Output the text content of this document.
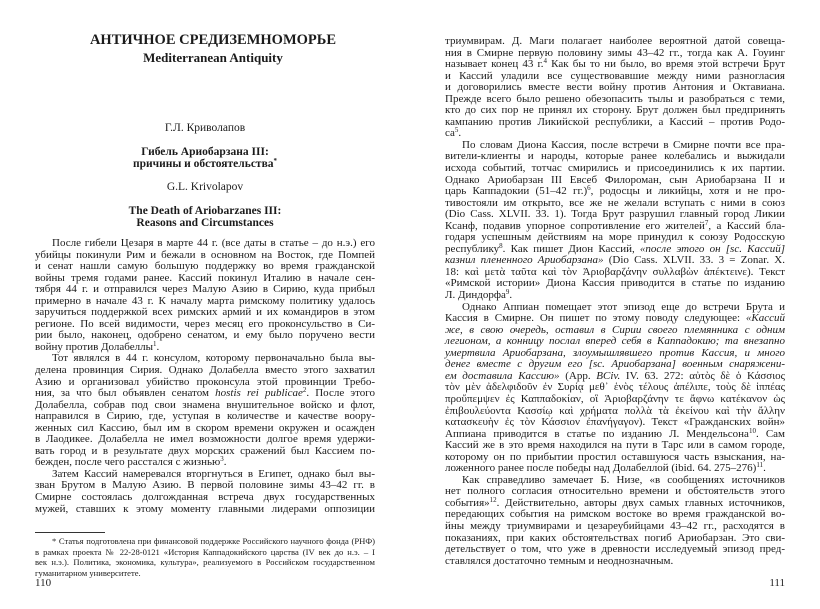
АНТИЧНОЕ СРЕДИЗЕМНОМОРЬЕ
Mediterranean Antiquity
Г.Л. Криволапов
Гибель Ариобарзана III:
причины и обстоятельства*
G.L. Krivolapov
The Death of Ariobarzanes III:
Reasons and Circumstances
После гибели Цезаря в марте 44 г. (все даты в статье – до н.э.) его
убийцы покинули Рим и бежали в основном на Восток, где Помпей
и сенат нашли самую большую поддержку во время гражданской
войны тремя годами ранее. Кассий покинул Италию в начале сен-
тября 44 г. и отправился через Малую Азию в Сирию, куда прибыл
примерно в начале 43 г. К началу марта римскому политику удалось
заручиться поддержкой всех римских армий и их командиров в этом
регионе. По всей видимости, через месяц его проконсульство в Си-
рии было, наконец, одобрено сенатом, и ему было поручено вести
войну против Долабеллы$^1$.
Тот являлся в 44 г. консулом, которому первоначально была вы-
делена провинция Сирия. Однако Долабелла вместо этого захватил
Азию и организовал убийство проконсула этой провинции Требо-
ния, за что был объявлен сенатом hostis rei publicae$^2$. После этого
Долабелла, собрав под свои знамена внушительное войско и флот,
направился в Сирию, где, уступая в количестве и качестве воору-
женных сил Кассию, был им в скором времени окружен и осажден
в Лаодикее. Долабелла не имел возможности долгое время удержи-
вать город и в результате двух морских сражений был Кассием по-
бежден, после чего расстался с жизнью$^3$.
Затем Кассий намеревался вторгнуться в Египет, однако был вы-
зван Брутом в Малую Азию. В первой половине зимы 43–42 гг. в
Смирне состоялась долгожданная встреча двух государственных
мужей, ставших к этому моменту главными лидерами оппозиции
* Статья подготовлена при финансовой поддержке Российского научного фонда (РНФ)
в рамках проекта № 22-28-0121 «История Каппадокийского царства (IV век до н.э. – I
век н.э.). Политика, экономика, культура», реализуемого в Российском государственном
гуманитарном университете.
110
триумвирам. Д. Маги полагает наиболее вероятной датой совеща-
ния в Смирне первую половину зимы 43–42 гг., тогда как А. Гоуинг
называет конец 43 г.$^4$ Как бы то ни было, во время этой встречи Брут
и Кассий уладили все существовавшие между ними разногласия
и договорились вместе вести войну против Антония и Октавиана.
Прежде всего было решено обезопасить тылы и разобраться с теми,
кто до сих пор не принял их сторону. Брут должен был предпринять
кампанию против Ликийской республики, а Кассий – против Родо-
$са^5$.
По словам Диона Кассия, после встречи в Смирне почти все пра-
вители-клиенты и народы, которые ранее колебались и выжидали
исхода событий, тотчас смирились и присоединились к их партии.
Однако Ариобарзан III Евсеб Филороман, сын Ариобарзана II и
царь Каппадокии (51–42 гг.)$^6$, родосцы и ликийцы, хотя и не про-
тивостояли им открыто, все же не желали вступать с ними в союз
(Dio Cass. XLVII. 33. 1). Тогда Брут разрушил главный город Ликии
Ксанф, подавив упорное сопротивление его жителей$^7$, а Кассий бла-
годаря успешным действиям на море принудил к союзу Родосскую
республику$^8$. Как пишет Дион Кассий, «после этого он [sc. Кассий]
казнил плененного Ариобарзана» (Dio Cass. XLVII. 33. 3 = Zonar. X.
18: καὶ μετὰ ταῦτα καὶ τὸν Ἀριοβαρζάνην συλλαβὼν ἀπέκτεινε). Текст
«Римской истории» Диона Кассия приводится в статье по изданию
Л. Диндорфа$^9$.
Однако Аппиан помещает этот эпизод еще до встречи Брута и
Кассия в Смирне. Он пишет по этому поводу следующее: «Кассий
же, в свою очередь, оставил в Сирии своего племянника с одним
легионом, а конницу послал вперед себя в Каппадокию; та внезапно
умертвила Ариобарзана, злоумышлявшего против Кассия, и много
денег вместе с другим его [sc. Ариобарзана] военным снаряжени-
ем доставила Кассию» (App. BCiv. IV. 63. 272: αὐτὸς δὲ ὁ Κάσσιος
τὸν μὲν ἀδελφιδοῦν ἐν Συρίᾳ μεθ᾽ ἑνὸς τέλους ἀπέλιπε, τοὺς δὲ ἱππέας
προὔπεμψεν ἐς Καππαδοκίαν, οἳ Ἀριοβαρζάνην τε ἄφνω κατέκανον ὡς
ἐπιβουλεύοντα Κασσίῳ καὶ χρήματα πολλὰ τὰ ἐκείνου καὶ τὴν ἄλλην
κατασκευὴν ἐς τὸν Κάσσιον ἐπανήγαγον). Текст «Гражданских войн»
Аппиана приводится в статье по изданию Л. Мендельсона$^{10}$. Сам
Кассий же в это время находился на пути в Тарс или в самом городе,
которому он по прибытии простил оставшуюся часть взыскания, на-
ложенного ранее после победы над Долабеллой (ibid. 64. 275–276)$^{11}$.
Как справедливо замечает Б. Низе, «в сообщениях источников
нет полного согласия относительно времени и обстоятельств этого
события»$^{12}$. Действительно, авторы двух самых главных источников,
передающих события на римском востоке во время гражданской во-
йны между триумвирами и цезареубийцами 43–42 гг., расходятся в
показаниях, при каких обстоятельствах погиб Ариобарзан. Это сви-
детельствует о том, что уже в древности исследуемый эпизод пред-
ставлялся достаточно темным и неоднозначным.
111
